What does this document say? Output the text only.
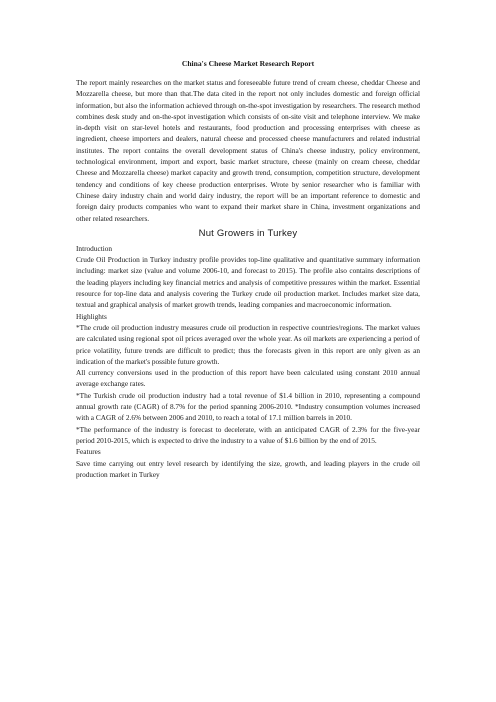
China's Cheese Market Research Report

The report mainly researches on the market status and foreseeable future trend of cream cheese, cheddar Cheese and Mozzarella cheese, but more than that.The data cited in the report not only includes domestic and foreign official information, but also the information achieved through on-the-spot investigation by researchers. The research method combines desk study and on-the-spot investigation which consists of on-site visit and telephone interview. We make in-depth visit on star-level hotels and restaurants, food production and processing enterprises with cheese as ingredient, cheese importers and dealers, natural cheese and processed cheese manufacturers and related industrial institutes. The report contains the overall development status of China's cheese industry, policy environment, technological environment, import and export, basic market structure, cheese (mainly on cream cheese, cheddar Cheese and Mozzarella cheese) market capacity and growth trend, consumption, competition structure, development tendency and conditions of key cheese production enterprises. Wrote by senior researcher who is familiar with Chinese dairy industry chain and world dairy industry, the report will be an important reference to domestic and foreign dairy products companies who want to expand their market share in China, investment organizations and other related researchers.

Nut Growers in Turkey

Introduction

Crude Oil Production in Turkey industry profile provides top-line qualitative and quantitative summary information including: market size (value and volume 2006-10, and forecast to 2015). The profile also contains descriptions of the leading players including key financial metrics and analysis of competitive pressures within the market. Essential resource for top-line data and analysis covering the Turkey crude oil production market. Includes market size data, textual and graphical analysis of market growth trends, leading companies and macroeconomic information.

Highlights

*The crude oil production industry measures crude oil production in respective countries/regions. The market values are calculated using regional spot oil prices averaged over the whole year. As oil markets are experiencing a period of price volatility, future trends are difficult to predict; thus the forecasts given in this report are only given as an indication of the market's possible future growth.

All currency conversions used in the production of this report have been calculated using constant 2010 annual average exchange rates.

*The Turkish crude oil production industry had a total revenue of $1.4 billion in 2010, representing a compound annual growth rate (CAGR) of 8.7% for the period spanning 2006-2010. *Industry consumption volumes increased with a CAGR of 2.6% between 2006 and 2010, to reach a total of 17.1 million barrels in 2010.

*The performance of the industry is forecast to decelerate, with an anticipated CAGR of 2.3% for the five-year period 2010-2015, which is expected to drive the industry to a value of $1.6 billion by the end of 2015.

Features

Save time carrying out entry level research by identifying the size, growth, and leading players in the crude oil production market in Turkey
